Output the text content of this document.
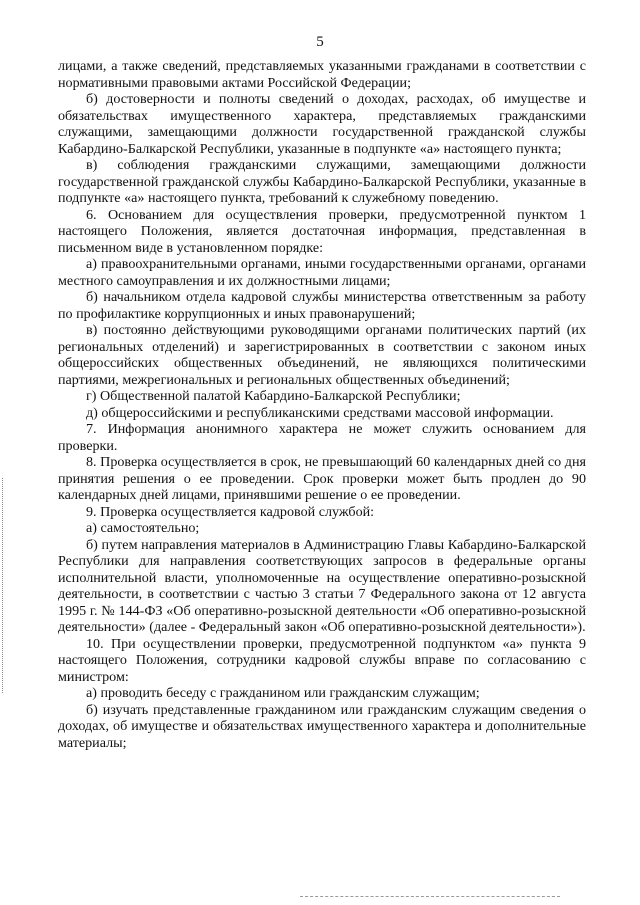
5

лицами, а также сведений, представляемых указанными гражданами в соответствии с нормативными правовыми актами Российской Федерации;

б) достоверности и полноты сведений о доходах, расходах, об имуществе и обязательствах имущественного характера, представляемых гражданскими служащими, замещающими должности государственной гражданской службы Кабардино-Балкарской Республики, указанные в подпункте «а» настоящего пункта;

в) соблюдения гражданскими служащими, замещающими должности государственной гражданской службы Кабардино-Балкарской Республики, указанные в подпункте «а» настоящего пункта, требований к служебному поведению.

6. Основанием для осуществления проверки, предусмотренной пунктом 1 настоящего Положения, является достаточная информация, представленная в письменном виде в установленном порядке:

а) правоохранительными органами, иными государственными органами, органами местного самоуправления и их должностными лицами;

б) начальником отдела кадровой службы министерства ответственным за работу по профилактике коррупционных и иных правонарушений;

в) постоянно действующими руководящими органами политических партий (их региональных отделений) и зарегистрированных в соответствии с законом иных общероссийских общественных объединений, не являющихся политическими партиями, межрегиональных и региональных общественных объединений;

г) Общественной палатой Кабардино-Балкарской Республики;

д) общероссийскими и республиканскими средствами массовой информации.

7. Информация анонимного характера не может служить основанием для проверки.

8. Проверка осуществляется в срок, не превышающий 60 календарных дней со дня принятия решения о ее проведении. Срок проверки может быть продлен до 90 календарных дней лицами, принявшими решение о ее проведении.

9. Проверка осуществляется кадровой службой:

а) самостоятельно;

б) путем направления материалов в Администрацию Главы Кабардино-Балкарской Республики для направления соответствующих запросов в федеральные органы исполнительной власти, уполномоченные на осуществление оперативно-розыскной деятельности, в соответствии с частью 3 статьи 7 Федерального закона от 12 августа 1995 г. № 144-ФЗ «Об оперативно-розыскной деятельности «Об оперативно-розыскной деятельности» (далее - Федеральный закон «Об оперативно-розыскной деятельности»).

10. При осуществлении проверки, предусмотренной подпунктом «а» пункта 9 настоящего Положения, сотрудники кадровой службы вправе по согласованию с министром:

а) проводить беседу с гражданином или гражданским служащим;

б) изучать представленные гражданином или гражданским служащим сведения о доходах, об имуществе и обязательствах имущественного характера и дополнительные материалы;
